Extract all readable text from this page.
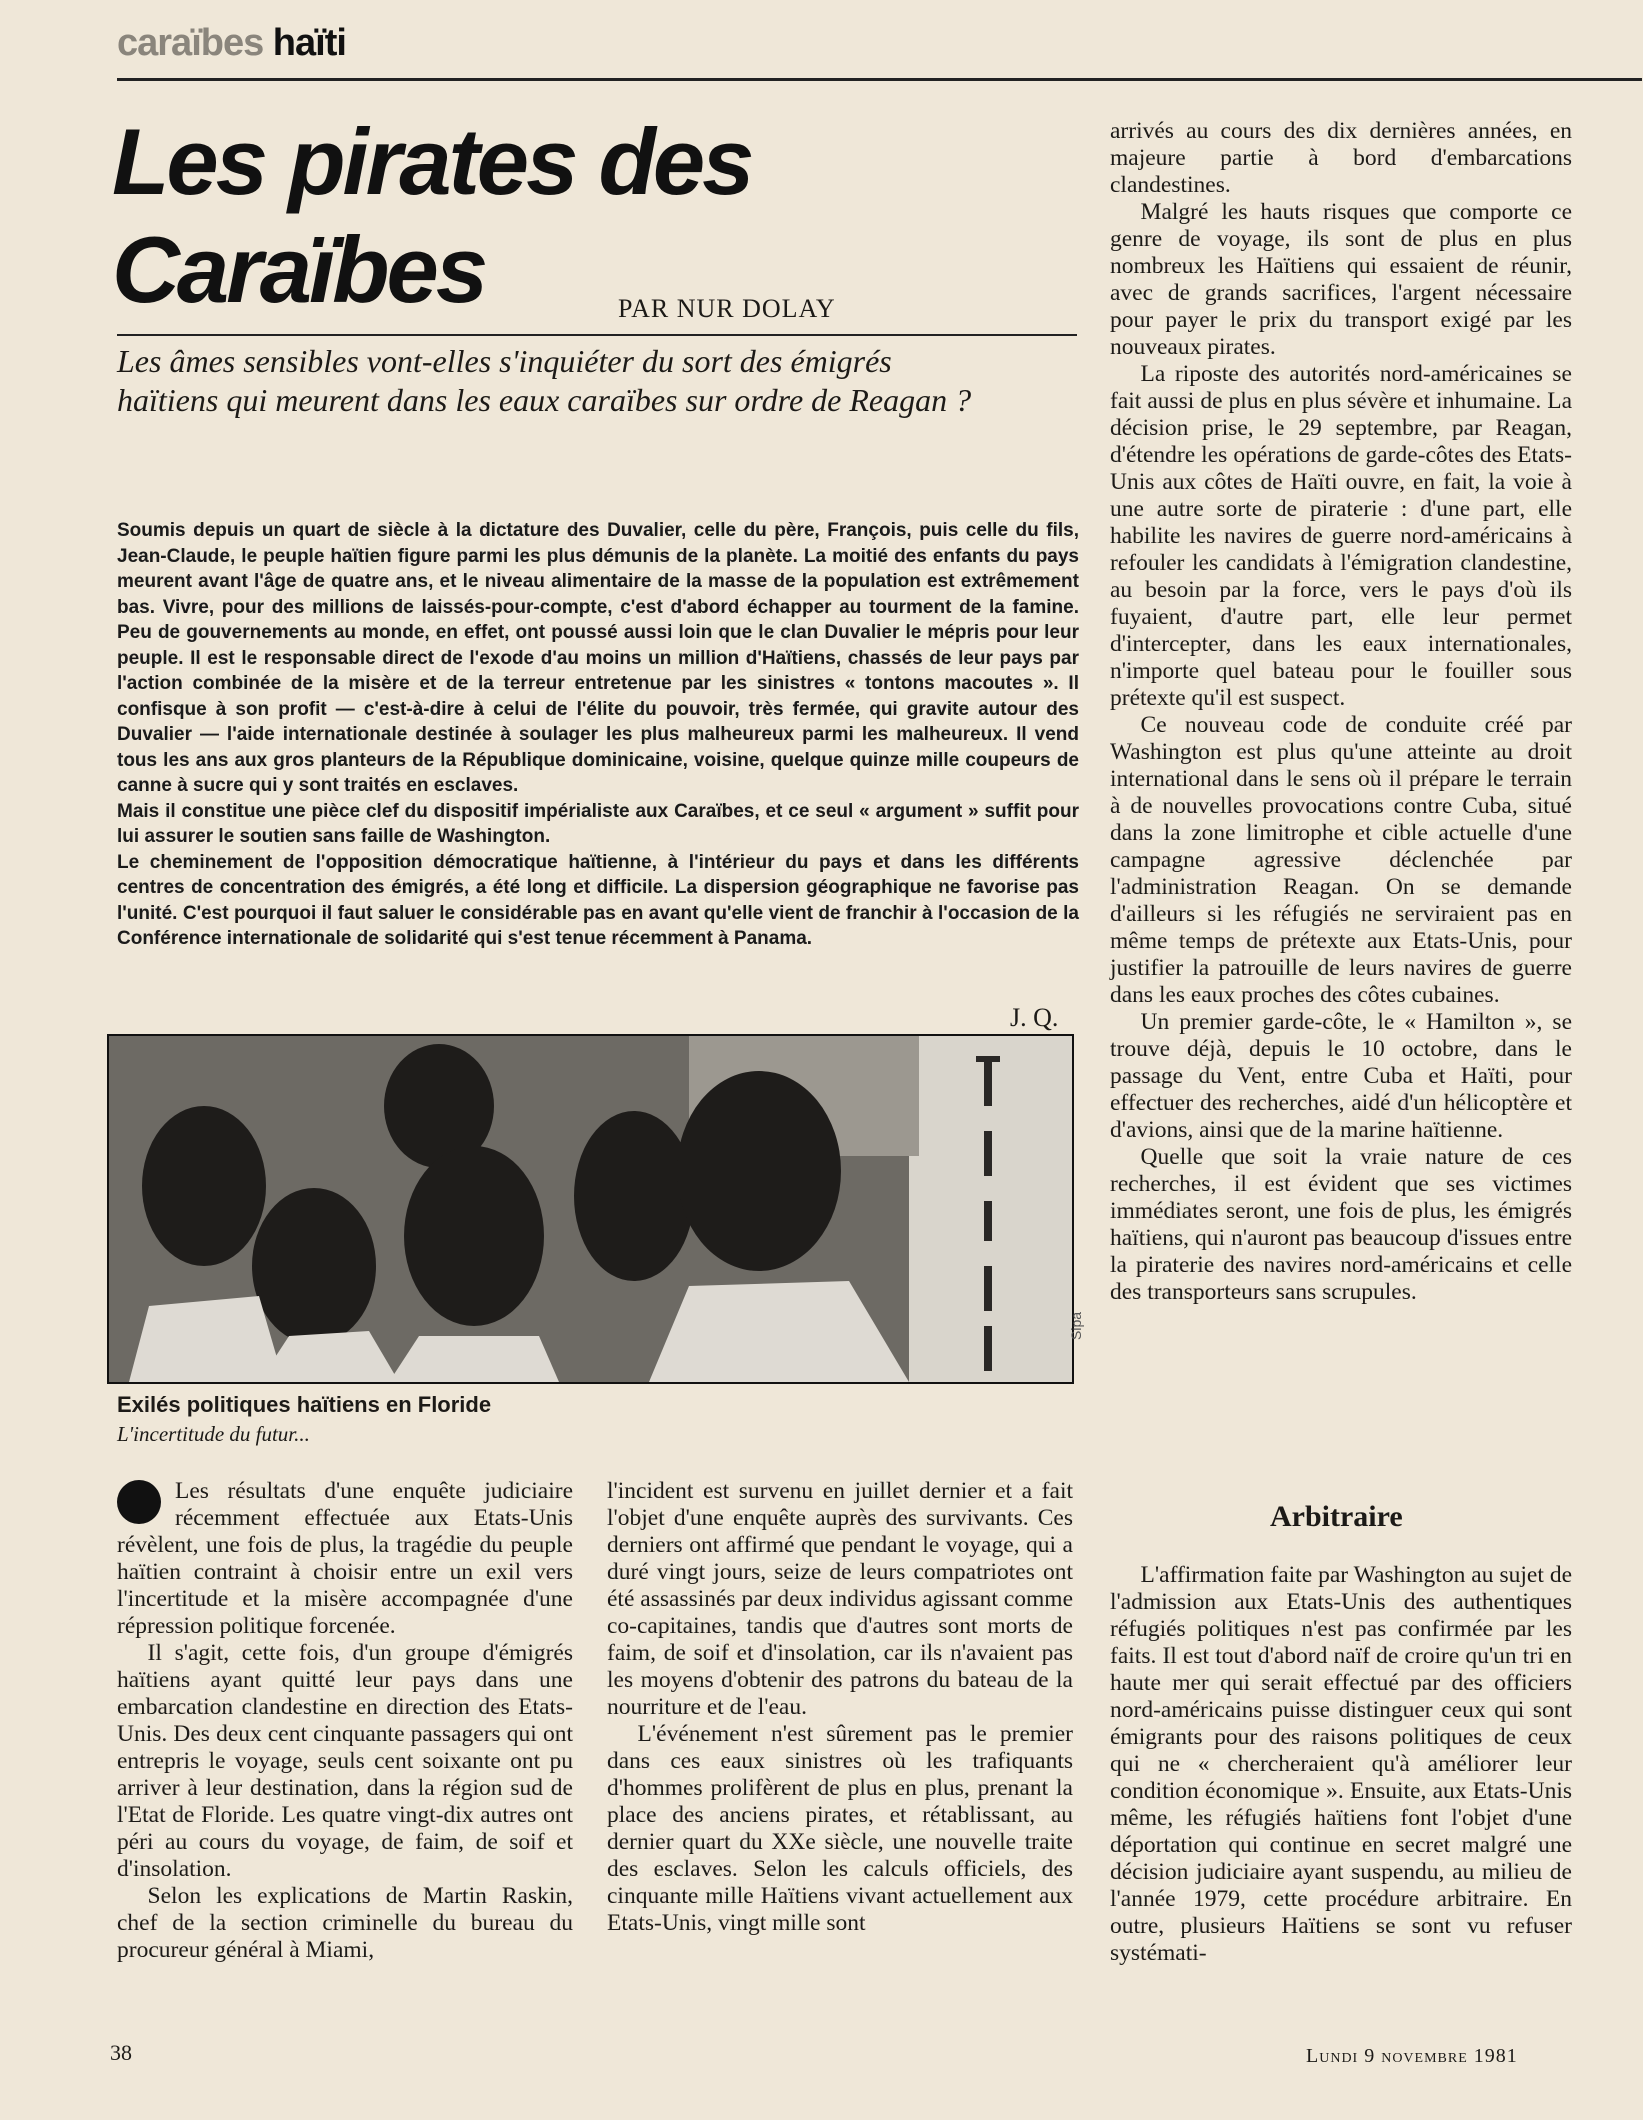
caraïbes haïti
Les pirates des Caraïbes	PAR NUR DOLAY
Les âmes sensibles vont-elles s'inquiéter du sort des émigrés haïtiens qui meurent dans les eaux caraïbes sur ordre de Reagan ?

Soumis depuis un quart de siècle à la dictature des Duvalier, celle du père, François, puis celle du fils, Jean-Claude, le peuple haïtien figure parmi les plus démunis de la planète. La moitié des enfants du pays meurent avant l'âge de quatre ans, et le niveau alimentaire de la masse de la population est extrêmement bas. Vivre, pour des millions de laissés-pour-compte, c'est d'abord échapper au tourment de la famine. Peu de gouvernements au monde, en effet, ont poussé aussi loin que le clan Duvalier le mépris pour leur peuple. Il est le responsable direct de l'exode d'au moins un million d'Haïtiens, chassés de leur pays par l'action combinée de la misère et de la terreur entretenue par les sinistres « tontons macoutes ». Il confisque à son profit — c'est-à-dire à celui de l'élite du pouvoir, très fermée, qui gravite autour des Duvalier — l'aide internationale destinée à soulager les plus malheureux parmi les malheureux. Il vend tous les ans aux gros planteurs de la République dominicaine, voisine, quelque quinze mille coupeurs de canne à sucre qui y sont traités en esclaves.

Mais il constitue une pièce clef du dispositif impérialiste aux Caraïbes, et ce seul « argument » suffit pour lui assurer le soutien sans faille de Washington.

Le cheminement de l'opposition démocratique haïtienne, à l'intérieur du pays et dans les différents centres de concentration des émigrés, a été long et difficile. La dispersion géographique ne favorise pas l'unité. C'est pourquoi il faut saluer le considérable pas en avant qu'elle vient de franchir à l'occasion de la Conférence internationale de solidarité qui s'est tenue récemment à Panama.

J. Q.
Sipa
Exilés politiques haïtiens en Floride
L'incertitude du futur...

Les résultats d'une enquête judiciaire récemment effectuée aux Etats-Unis révèlent, une fois de plus, la tragédie du peuple haïtien contraint à choisir entre un exil vers l'incertitude et la misère accompagnée d'une répression politique forcenée.

Il s'agit, cette fois, d'un groupe d'émigrés haïtiens ayant quitté leur pays dans une embarcation clandestine en direction des Etats-Unis. Des deux cent cinquante passagers qui ont entrepris le voyage, seuls cent soixante ont pu arriver à leur destination, dans la région sud de l'Etat de Floride. Les quatre vingt-dix autres ont péri au cours du voyage, de faim, de soif et d'insolation.

Selon les explications de Martin Raskin, chef de la section criminelle du bureau du procureur général à Miami,

l'incident est survenu en juillet dernier et a fait l'objet d'une enquête auprès des survivants. Ces derniers ont affirmé que pendant le voyage, qui a duré vingt jours, seize de leurs compatriotes ont été assassinés par deux individus agissant comme co-capitaines, tandis que d'autres sont morts de faim, de soif et d'insolation, car ils n'avaient pas les moyens d'obtenir des patrons du bateau de la nourriture et de l'eau.

L'événement n'est sûrement pas le premier dans ces eaux sinistres où les trafiquants d'hommes prolifèrent de plus en plus, prenant la place des anciens pirates, et rétablissant, au dernier quart du XXe siècle, une nouvelle traite des esclaves. Selon les calculs officiels, des cinquante mille Haïtiens vivant actuellement aux Etats-Unis, vingt mille sont

arrivés au cours des dix dernières années, en majeure partie à bord d'embarcations clandestines.

Malgré les hauts risques que comporte ce genre de voyage, ils sont de plus en plus nombreux les Haïtiens qui essaient de réunir, avec de grands sacrifices, l'argent nécessaire pour payer le prix du transport exigé par les nouveaux pirates.

La riposte des autorités nord-américaines se fait aussi de plus en plus sévère et inhumaine. La décision prise, le 29 septembre, par Reagan, d'étendre les opérations de garde-côtes des Etats-Unis aux côtes de Haïti ouvre, en fait, la voie à une autre sorte de piraterie : d'une part, elle habilite les navires de guerre nord-américains à refouler les candidats à l'émigration clandestine, au besoin par la force, vers le pays d'où ils fuyaient, d'autre part, elle leur permet d'intercepter, dans les eaux internationales, n'importe quel bateau pour le fouiller sous prétexte qu'il est suspect.

Ce nouveau code de conduite créé par Washington est plus qu'une atteinte au droit international dans le sens où il prépare le terrain à de nouvelles provocations contre Cuba, situé dans la zone limitrophe et cible actuelle d'une campagne agressive déclenchée par l'administration Reagan. On se demande d'ailleurs si les réfugiés ne serviraient pas en même temps de prétexte aux Etats-Unis, pour justifier la patrouille de leurs navires de guerre dans les eaux proches des côtes cubaines.

Un premier garde-côte, le « Hamilton », se trouve déjà, depuis le 10 octobre, dans le passage du Vent, entre Cuba et Haïti, pour effectuer des recherches, aidé d'un hélicoptère et d'avions, ainsi que de la marine haïtienne.

Quelle que soit la vraie nature de ces recherches, il est évident que ses victimes immédiates seront, une fois de plus, les émigrés haïtiens, qui n'auront pas beaucoup d'issues entre la piraterie des navires nord-américains et celle des transporteurs sans scrupules.

Arbitraire

L'affirmation faite par Washington au sujet de l'admission aux Etats-Unis des authentiques réfugiés politiques n'est pas confirmée par les faits. Il est tout d'abord naïf de croire qu'un tri en haute mer qui serait effectué par des officiers nord-américains puisse distinguer ceux qui sont émigrants pour des raisons politiques de ceux qui ne « chercheraient qu'à améliorer leur condition économique ». Ensuite, aux Etats-Unis même, les réfugiés haïtiens font l'objet d'une déportation qui continue en secret malgré une décision judiciaire ayant suspendu, au milieu de l'année 1979, cette procédure arbitraire. En outre, plusieurs Haïtiens se sont vu refuser systémati-

38	Lundi 9 novembre 1981
